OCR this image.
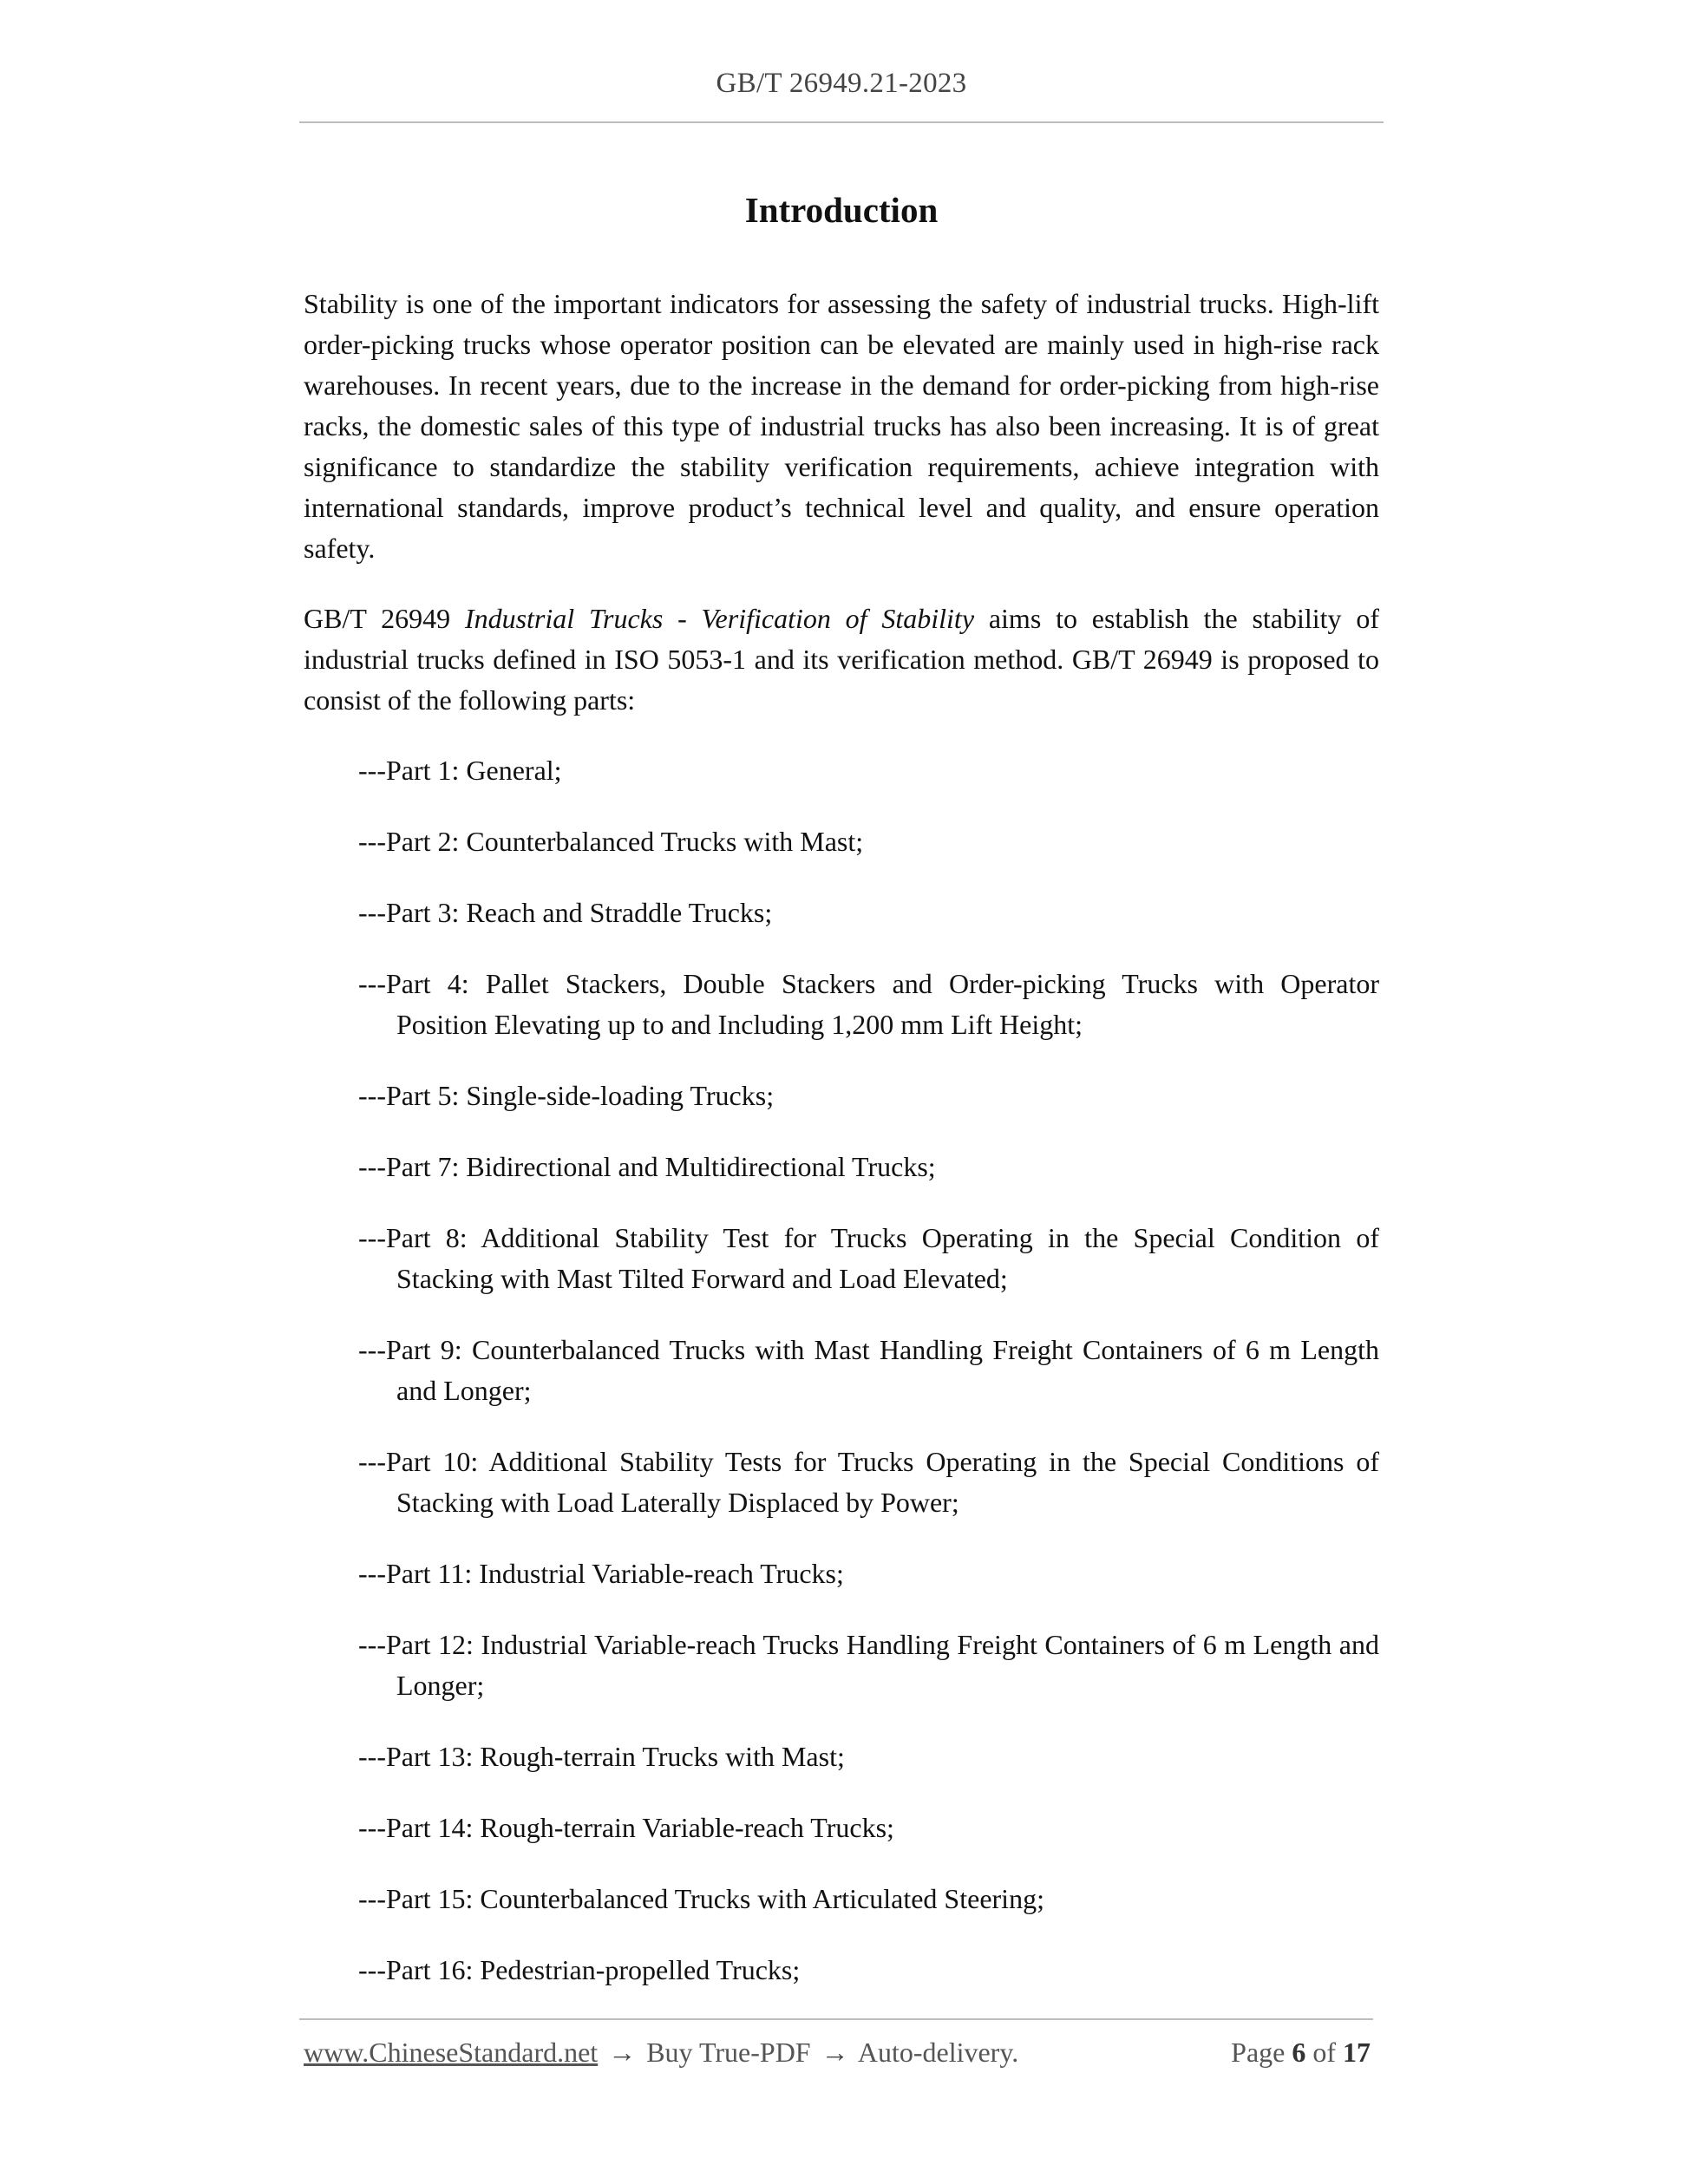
GB/T 26949.21-2023
Introduction

Stability is one of the important indicators for assessing the safety of industrial trucks. High-lift order-picking trucks whose operator position can be elevated are mainly used in high-rise rack warehouses. In recent years, due to the increase in the demand for order-picking from high-rise racks, the domestic sales of this type of industrial trucks has also been increasing. It is of great significance to standardize the stability verification requirements, achieve integration with international standards, improve product’s technical level and quality, and ensure operation safety.

GB/T 26949 Industrial Trucks - Verification of Stability aims to establish the stability of industrial trucks defined in ISO 5053-1 and its verification method. GB/T 26949 is proposed to consist of the following parts:

---Part 1: General;
---Part 2: Counterbalanced Trucks with Mast;
---Part 3: Reach and Straddle Trucks;
---Part 4: Pallet Stackers, Double Stackers and Order-picking Trucks with Operator Position Elevating up to and Including 1,200 mm Lift Height;
---Part 5: Single-side-loading Trucks;
---Part 7: Bidirectional and Multidirectional Trucks;
---Part 8: Additional Stability Test for Trucks Operating in the Special Condition of Stacking with Mast Tilted Forward and Load Elevated;
---Part 9: Counterbalanced Trucks with Mast Handling Freight Containers of 6 m Length and Longer;
---Part 10: Additional Stability Tests for Trucks Operating in the Special Conditions of Stacking with Load Laterally Displaced by Power;
---Part 11: Industrial Variable-reach Trucks;
---Part 12: Industrial Variable-reach Trucks Handling Freight Containers of 6 m Length and Longer;
---Part 13: Rough-terrain Trucks with Mast;
---Part 14: Rough-terrain Variable-reach Trucks;
---Part 15: Counterbalanced Trucks with Articulated Steering;
---Part 16: Pedestrian-propelled Trucks;
www.ChineseStandard.net → Buy True-PDF → Auto-delivery.	Page 6 of 17
